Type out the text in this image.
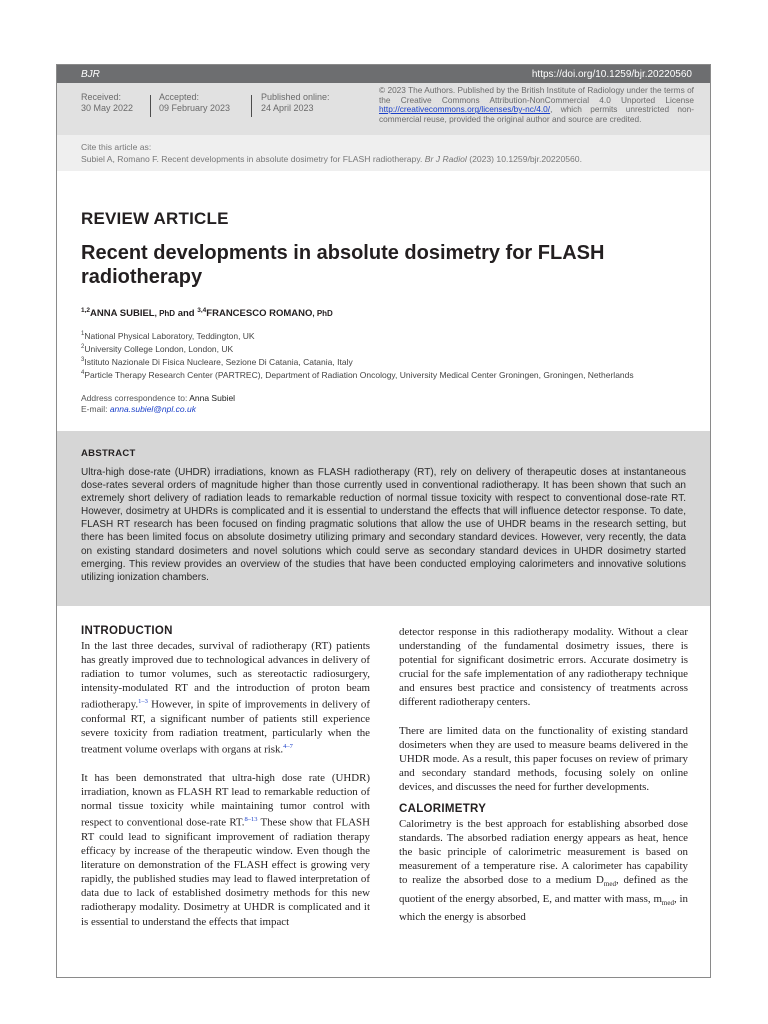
BJR	https://doi.org/10.1259/bjr.20220560
Received:
30 May 2022
Accepted:
09 February 2023
Published online:
24 April 2023
© 2023 The Authors. Published by the British Institute of Radiology under the terms of the Creative Commons Attribution-NonCommercial 4.0 Unported License http://creativecommons.org/licenses/by-nc/4.0/, which permits unrestricted non-commercial reuse, provided the original author and source are credited.
Cite this article as:
Subiel A, Romano F. Recent developments in absolute dosimetry for FLASH radiotherapy. Br J Radiol (2023) 10.1259/bjr.20220560.
REVIEW ARTICLE
Recent developments in absolute dosimetry for FLASH radiotherapy
$^{1,2}$ANNA SUBIEL, PhD and $^{3,4}$FRANCESCO ROMANO, PhD
$^1$National Physical Laboratory, Teddington, UK
$^2$University College London, London, UK
$^3$Istituto Nazionale Di Fisica Nucleare, Sezione Di Catania, Catania, Italy
$^4$Particle Therapy Research Center (PARTREC), Department of Radiation Oncology, University Medical Center Groningen, Groningen, Netherlands
Address correspondence to: Anna Subiel
E-mail: anna.subiel@npl.co.uk
ABSTRACT

Ultra-high dose-rate (UHDR) irradiations, known as FLASH radiotherapy (RT), rely on delivery of therapeutic doses at instantaneous dose-rates several orders of magnitude higher than those currently used in conventional radiotherapy. It has been shown that such an extremely short delivery of radiation leads to remarkable reduction of normal tissue toxicity with respect to conventional dose-rate RT. However, dosimetry at UHDRs is complicated and it is essential to understand the effects that will influence detector response. To date, FLASH RT research has been focused on finding pragmatic solutions that allow the use of UHDR beams in the research setting, but there has been limited focus on absolute dosimetry utilizing primary and secondary standard devices. However, very recently, the data on existing standard dosimeters and novel solutions which could serve as secondary standard devices in UHDR dosimetry started emerging. This review provides an overview of the studies that have been conducted employing calorimeters and innovative solutions utilizing ionization chambers.

INTRODUCTION

In the last three decades, survival of radiotherapy (RT) patients has greatly improved due to technological advances in delivery of radiation to tumor volumes, such as stereotactic radiosurgery, intensity-modulated RT and the introduction of proton beam radiotherapy.$^{1-3}$ However, in spite of improvements in delivery of conformal RT, a significant number of patients still experience severe toxicity from radiation treatment, particularly when the treatment volume overlaps with organs at risk.$^{4-7}$

It has been demonstrated that ultra-high dose rate (UHDR) irradiation, known as FLASH RT lead to remarkable reduction of normal tissue toxicity while maintaining tumor control with respect to conventional dose-rate RT.$^{8-13}$ These show that FLASH RT could lead to significant improvement of radiation therapy efficacy by increase of the therapeutic window. Even though the literature on demonstration of the FLASH effect is growing very rapidly, the published studies may lead to flawed interpretation of data due to lack of established dosimetry methods for this new radiotherapy modality. Dosimetry at UHDR is complicated and it is essential to understand the effects that impact

detector response in this radiotherapy modality. Without a clear understanding of the fundamental dosimetry issues, there is potential for significant dosimetric errors. Accurate dosimetry is crucial for the safe implementation of any radiotherapy technique and ensures best practice and consistency of treatments across different radiotherapy centers.

There are limited data on the functionality of existing standard dosimeters when they are used to measure beams delivered in the UHDR mode. As a result, this paper focuses on review of primary and secondary standard methods, focusing solely on online devices, and discusses the need for further developments.

CALORIMETRY

Calorimetry is the best approach for establishing absorbed dose standards. The absorbed radiation energy appears as heat, hence the basic principle of calorimetric measurement is based on measurement of a temperature rise. A calorimeter has capability to realize the absorbed dose to a medium $D_{med}$, defined as the quotient of the energy absorbed, E, and matter with mass, $m_{med}$, in which the energy is absorbed
